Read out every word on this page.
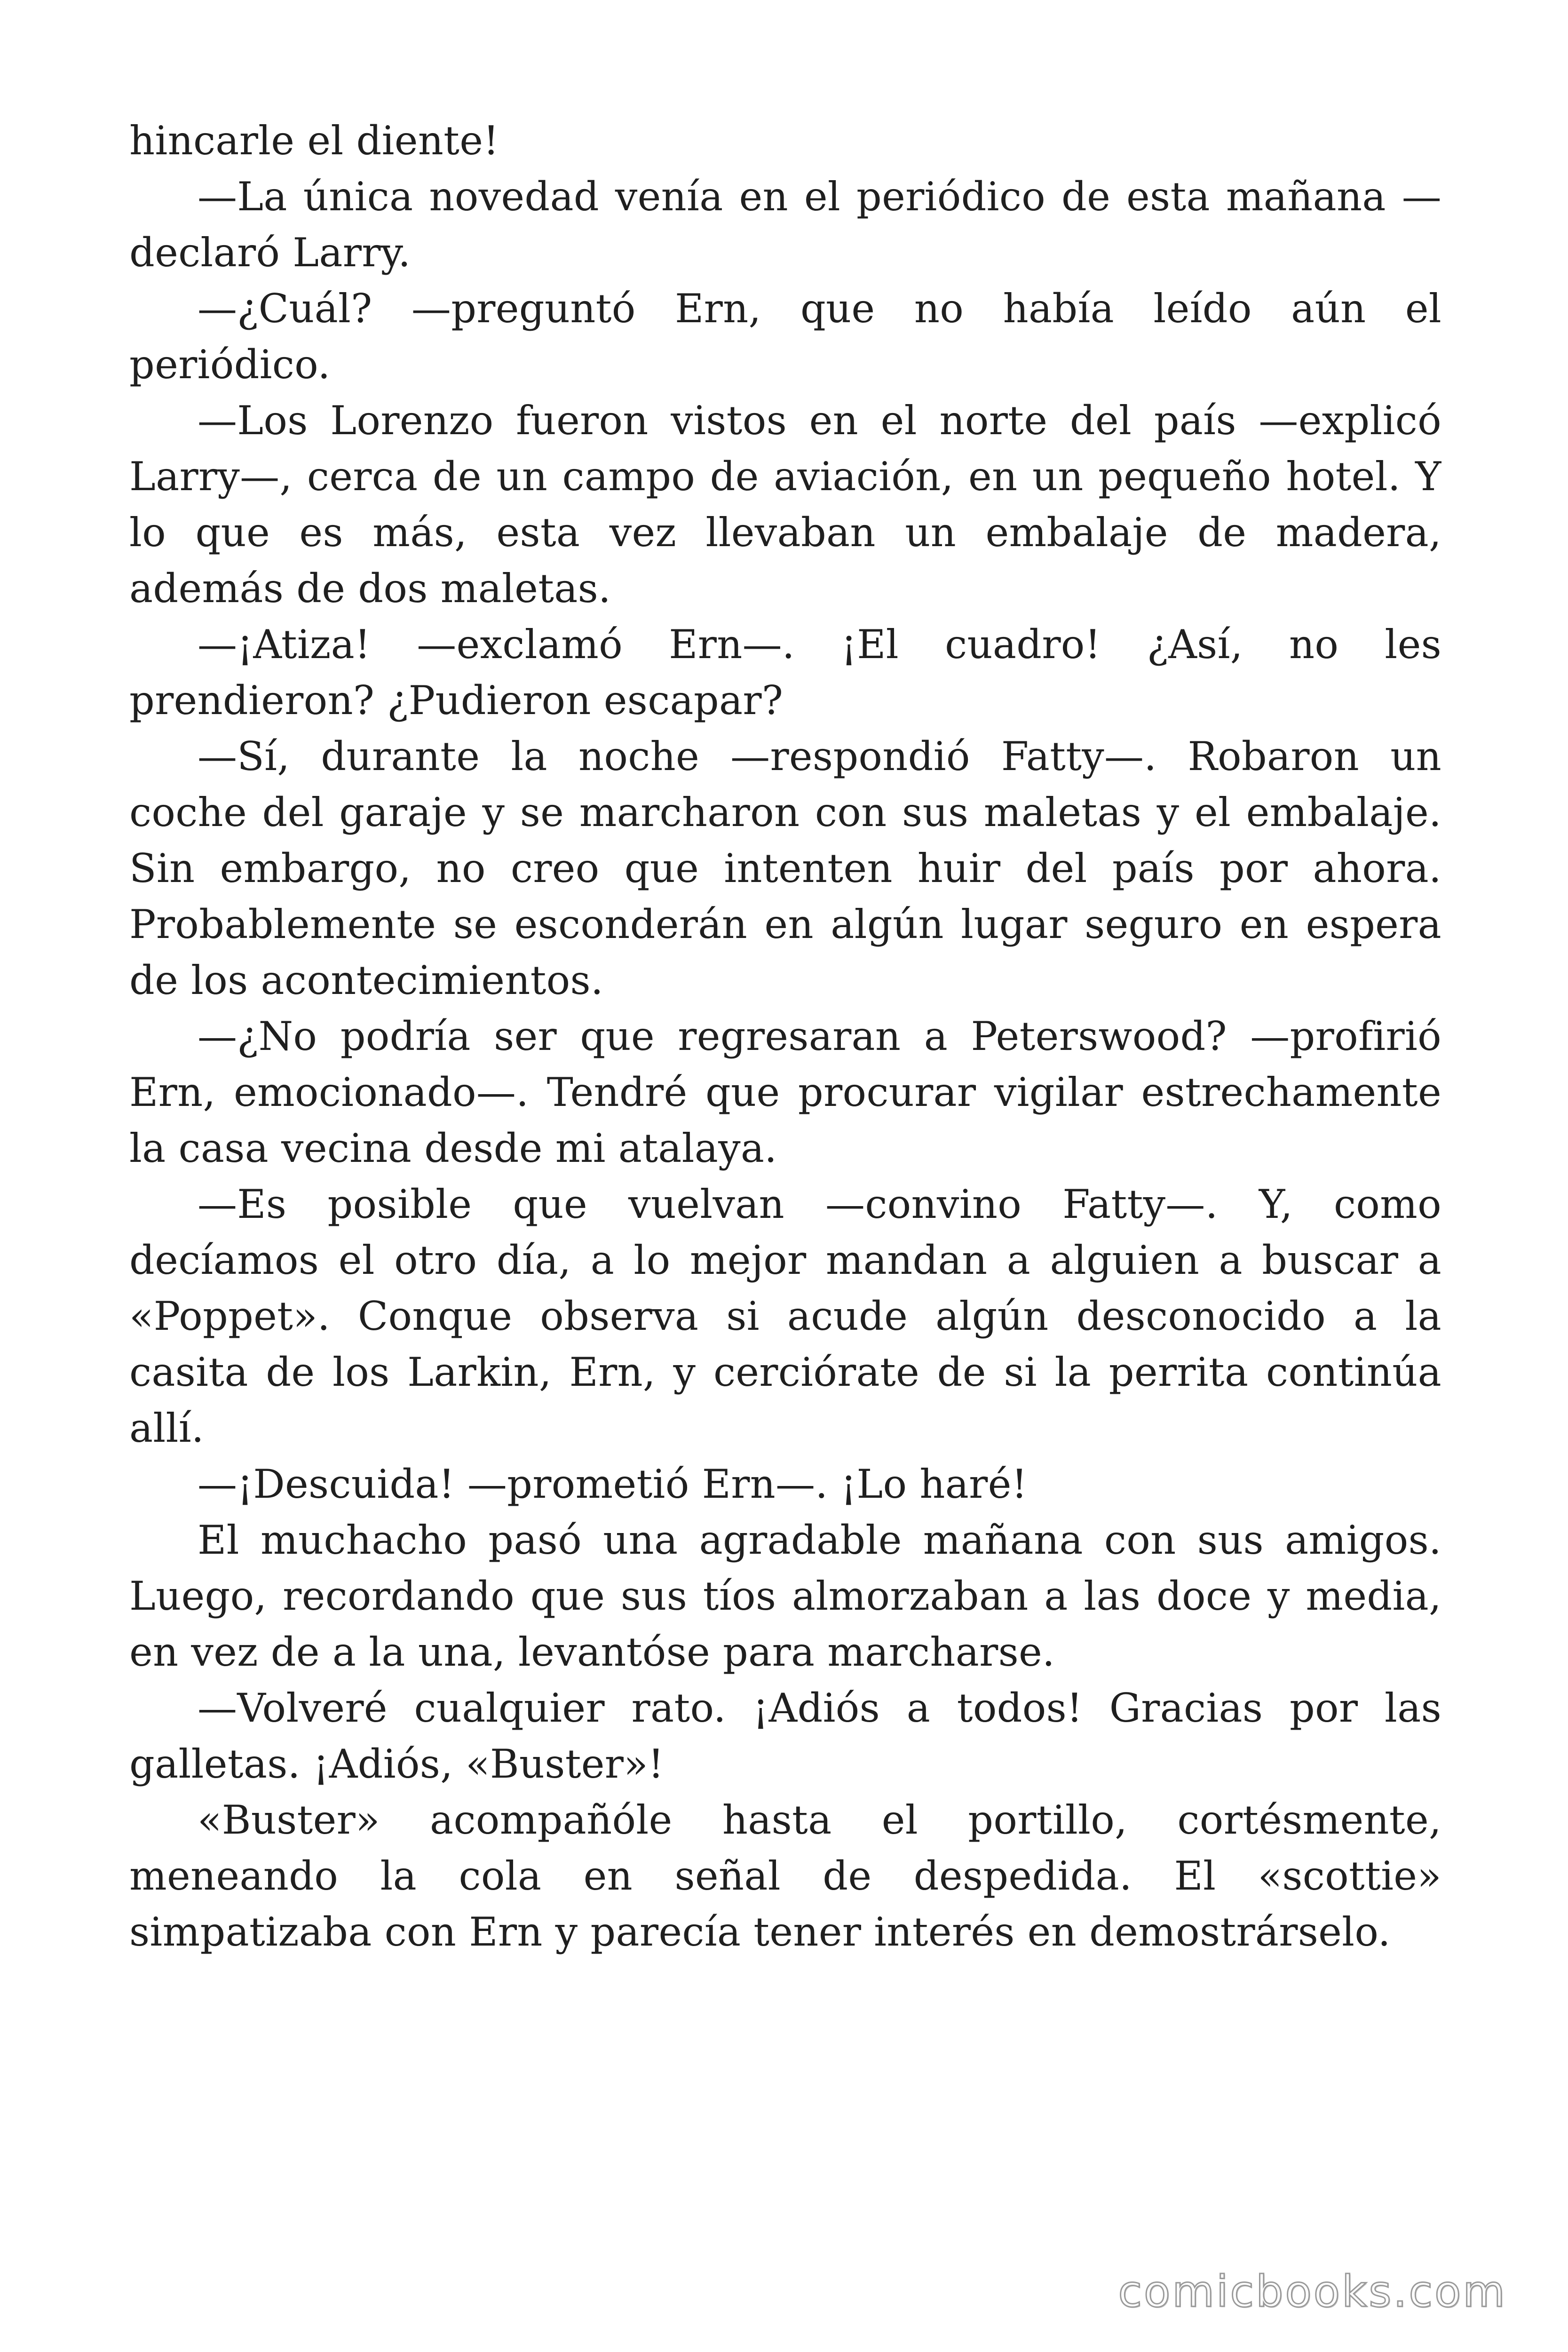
hincarle el diente!

—La única novedad venía en el periódico de esta mañana —declaró Larry.

—¿Cuál? —preguntó Ern, que no había leído aún el periódico.

—Los Lorenzo fueron vistos en el norte del país —explicó Larry—, cerca de un campo de aviación, en un pequeño hotel. Y lo que es más, esta vez llevaban un embalaje de madera, además de dos maletas.

—¡Atiza! —exclamó Ern—. ¡El cuadro! ¿Así, no les prendieron? ¿Pudieron escapar?

—Sí, durante la noche —respondió Fatty—. Robaron un coche del garaje y se marcharon con sus maletas y el embalaje. Sin embargo, no creo que intenten huir del país por ahora. Probablemente se esconderán en algún lugar seguro en espera de los acontecimientos.

—¿No podría ser que regresaran a Peterswood? —profirió Ern, emocionado—. Tendré que procurar vigilar estrechamente la casa vecina desde mi atalaya.

—Es posible que vuelvan —convino Fatty—. Y, como decíamos el otro día, a lo mejor mandan a alguien a buscar a «Poppet». Conque observa si acude algún desconocido a la casita de los Larkin, Ern, y cerciórate de si la perrita continúa allí.

—¡Descuida! —prometió Ern—. ¡Lo haré!

El muchacho pasó una agradable mañana con sus amigos. Luego, recordando que sus tíos almorzaban a las doce y media, en vez de a la una, levantóse para marcharse.

—Volveré cualquier rato. ¡Adiós a todos! Gracias por las galletas. ¡Adiós, «Buster»!

«Buster» acompañóle hasta el portillo, cortésmente, meneando la cola en señal de despedida. El «scottie» simpatizaba con Ern y parecía tener interés en demostrárselo.

comicbooks.com
